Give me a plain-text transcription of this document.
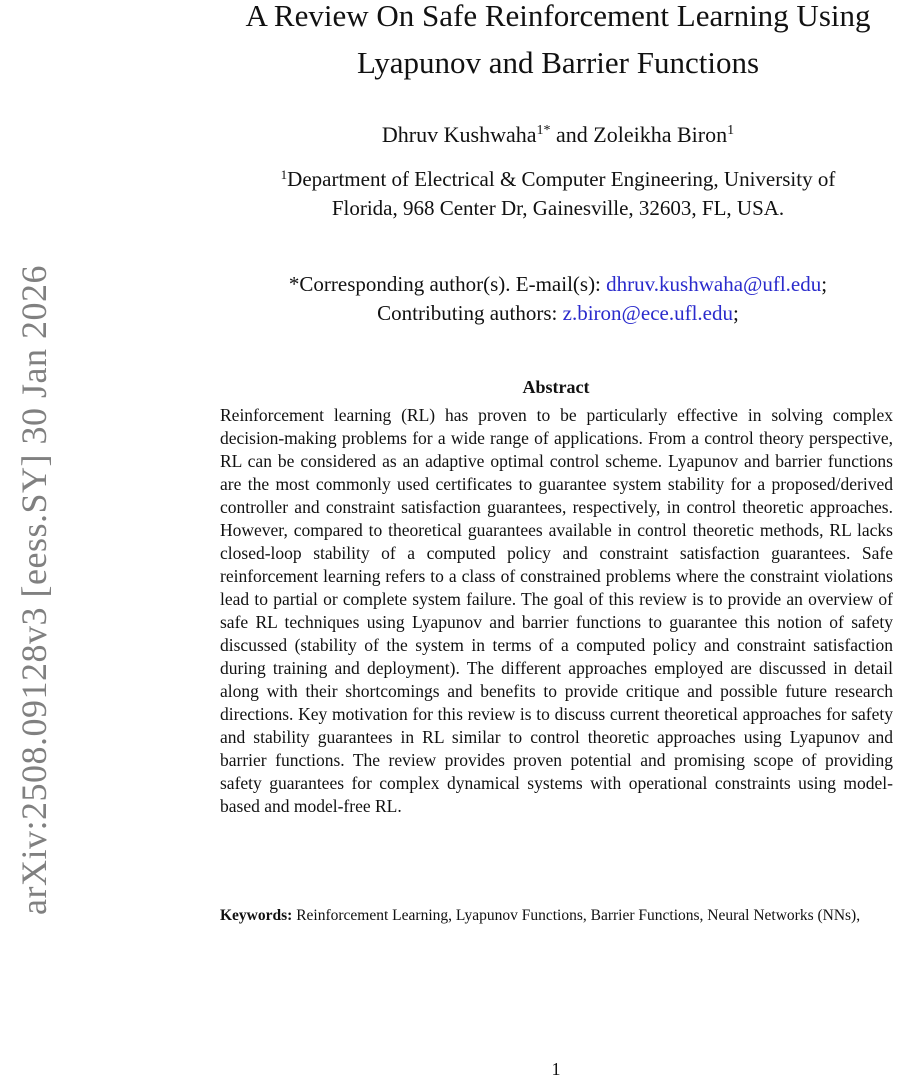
arXiv:2508.09128v3 [eess.SY] 30 Jan 2026
A Review On Safe Reinforcement Learning Using
Lyapunov and Barrier Functions
Dhruv Kushwaha$^{1*}$ and Zoleikha Biron$^1$
$^1$Department of Electrical & Computer Engineering, University of
Florida, 968 Center Dr, Gainesville, 32603, FL, USA.
*Corresponding author(s). E-mail(s): dhruv.kushwaha@ufl.edu;
Contributing authors: z.biron@ece.ufl.edu;
Abstract

Reinforcement learning (RL) has proven to be particularly effective in solving complex decision-making problems for a wide range of applications. From a control theory perspective, RL can be considered as an adaptive optimal control scheme. Lyapunov and barrier functions are the most commonly used certificates to guarantee system stability for a proposed/derived controller and constraint satisfaction guarantees, respectively, in control theoretic approaches. However, compared to theoretical guarantees available in control theoretic methods, RL lacks closed-loop stability of a computed policy and constraint satisfaction guarantees. Safe reinforcement learning refers to a class of constrained problems where the constraint violations lead to partial or complete system failure. The goal of this review is to provide an overview of safe RL techniques using Lyapunov and barrier functions to guarantee this notion of safety discussed (stability of the system in terms of a computed policy and constraint satisfaction during training and deployment). The different approaches employed are discussed in detail along with their shortcomings and benefits to provide critique and possible future research directions. Key motivation for this review is to discuss current theoretical approaches for safety and stability guarantees in RL similar to control theoretic approaches using Lyapunov and barrier functions. The review provides proven potential and promising scope of providing safety guarantees for complex dynamical systems with operational constraints using model-based and model-free RL.

Keywords: Reinforcement Learning, Lyapunov Functions, Barrier Functions, Neural Networks (NNs),

1
